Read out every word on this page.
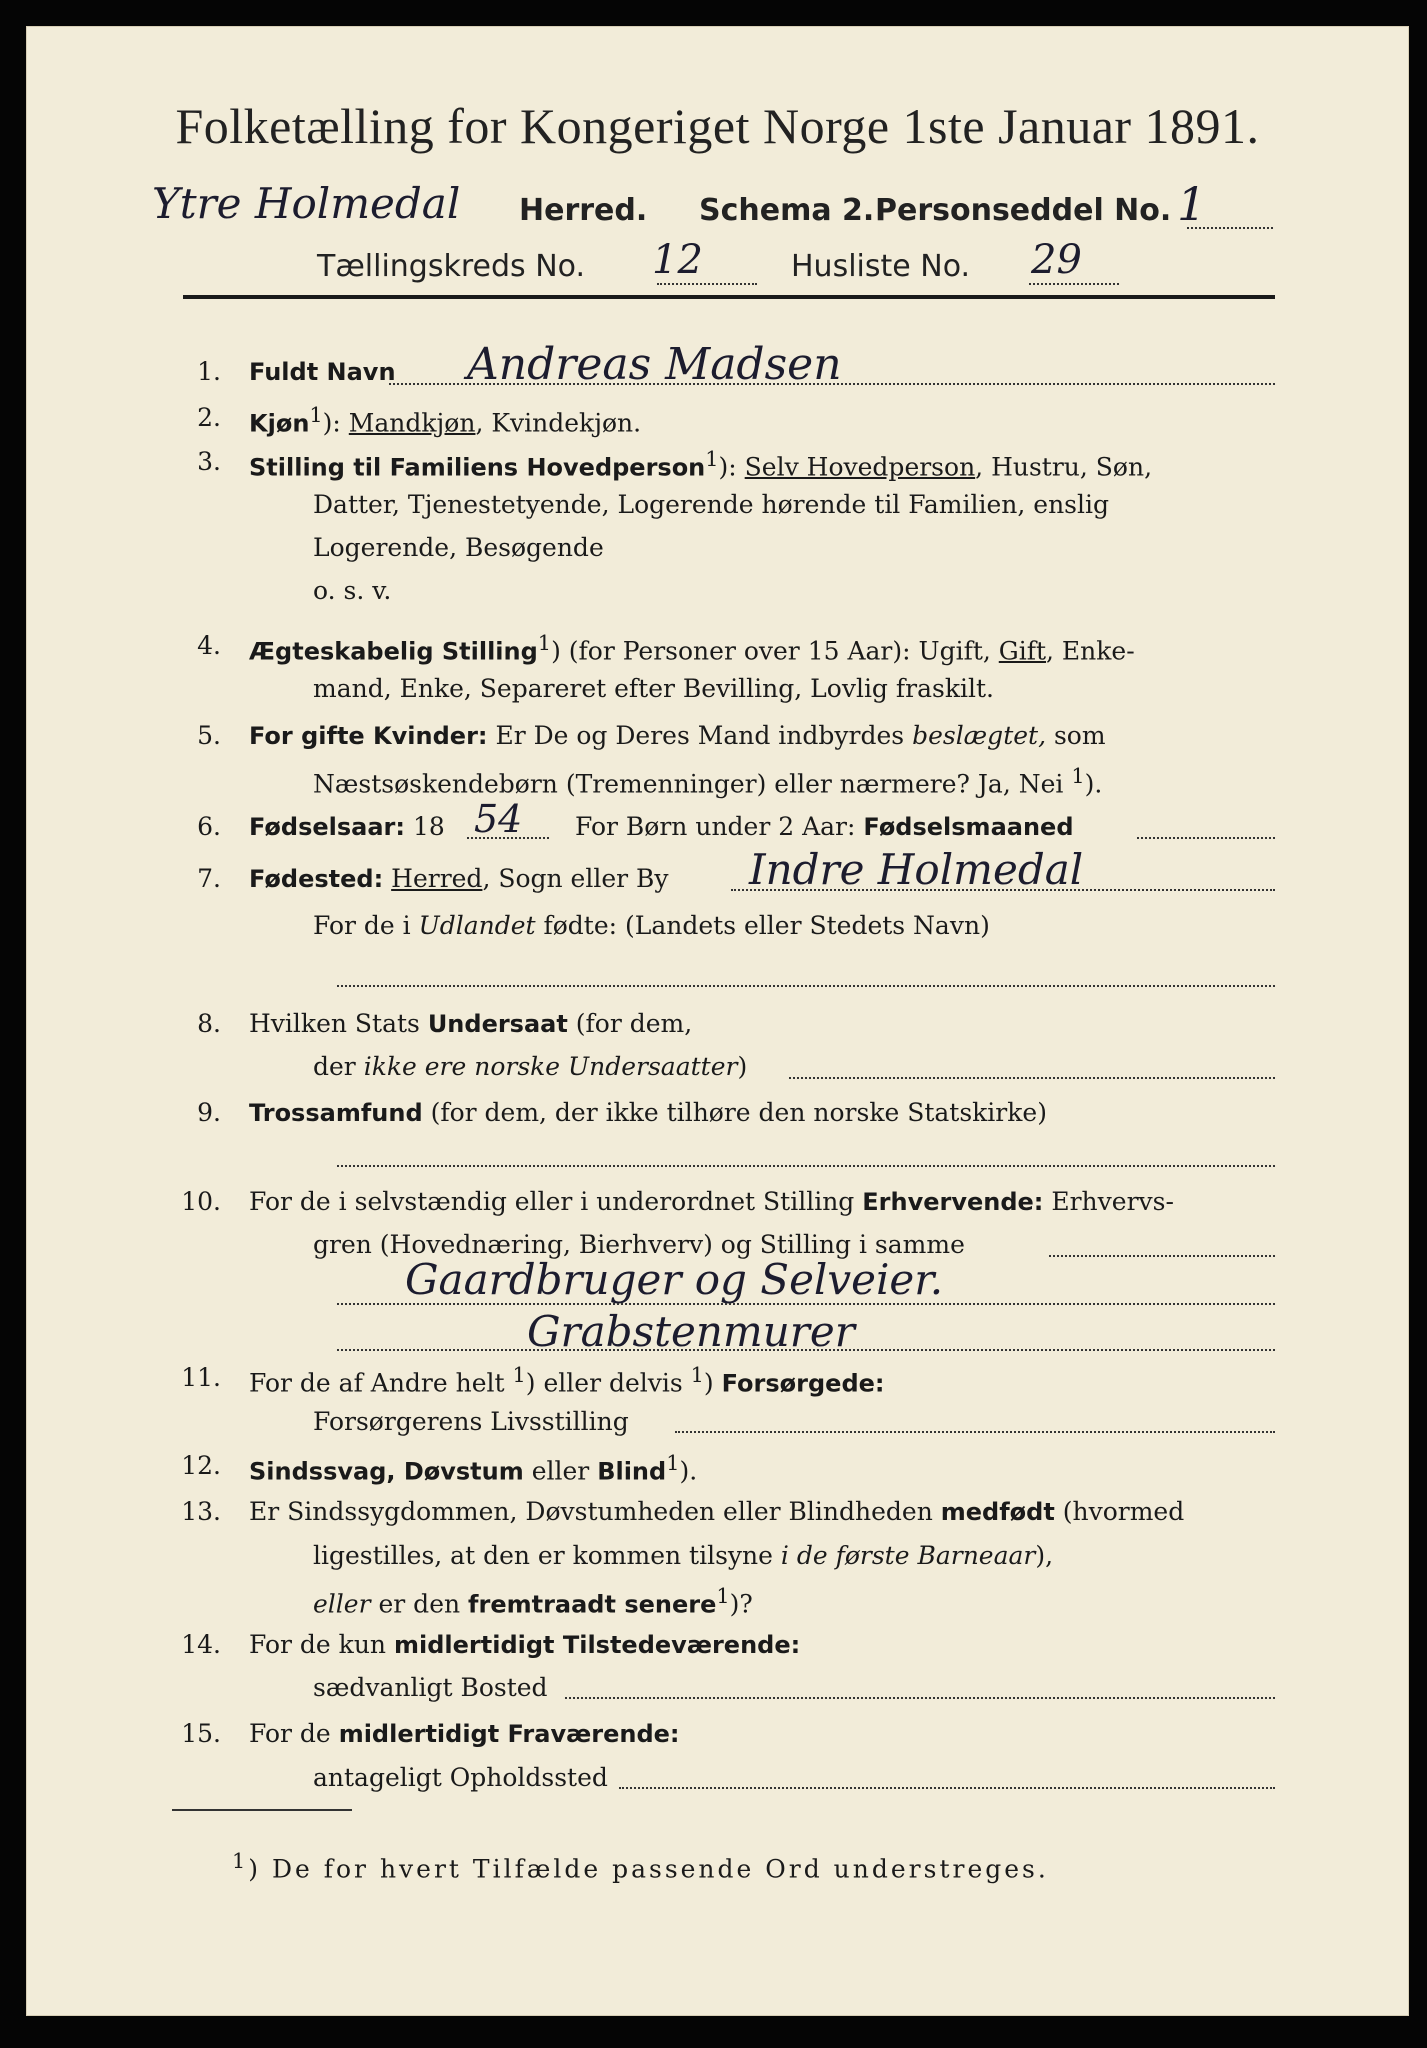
Folketælling for Kongeriget Norge 1ste Januar 1891.
Ytre Holmedal Herred. Schema 2. Personseddel No. 1
Tællingskreds No. 12	Husliste No. 29
1. Fuldt Navn Andreas Madsen
2. Kjøn$^1$): Mandkjøn, Kvindekjøn.
3. Stilling til Familiens Hovedperson$^1$): Selv Hovedperson, Hustru, Søn,
Datter, Tjenestetyende, Logerende hørende til Familien, enslig
Logerende, Besøgende
o. s. v.
4. Ægteskabelig Stilling$^1$) (for Personer over 15 Aar): Ugift, Gift, Enke-
mand, Enke, Separeret efter Bevilling, Lovlig fraskilt.
5. For gifte Kvinder: Er De og Deres Mand indbyrdes beslægtet, som
Næstsøskendebørn (Tremenninger) eller nærmere? Ja, Nei $^1$).
6. Fødselsaar: 18 54 For Børn under 2 Aar: Fødselsmaaned
7. Fødested: Herred, Sogn eller By Indre Holmedal
For de i Udlandet fødte: (Landets eller Stedets Navn)
8. Hvilken Stats Undersaat (for dem,
der ikke ere norske Undersaatter)
9. Trossamfund (for dem, der ikke tilhøre den norske Statskirke)
10. For de i selvstændig eller i underordnet Stilling Erhvervende: Erhvervs-
gren (Hovednæring, Bierhverv) og Stilling i samme
Gaardbruger og Selveier.
Grabstenmurer
11. For de af Andre helt $^1$) eller delvis $^1$) Forsørgede:
Forsørgerens Livsstilling
12. Sindssvag, Døvstum eller Blind$^1$).
13. Er Sindssygdommen, Døvstumheden eller Blindheden medfødt (hvormed
ligestilles, at den er kommen tilsyne i de første Barneaar),
eller er den fremtraadt senere$^1$)?
14. For de kun midlertidigt Tilstedeværende:
sædvanligt Bosted
15. For de midlertidigt Fraværende:
antageligt Opholdssted
$^1$) De for hvert Tilfælde passende Ord understreges.
